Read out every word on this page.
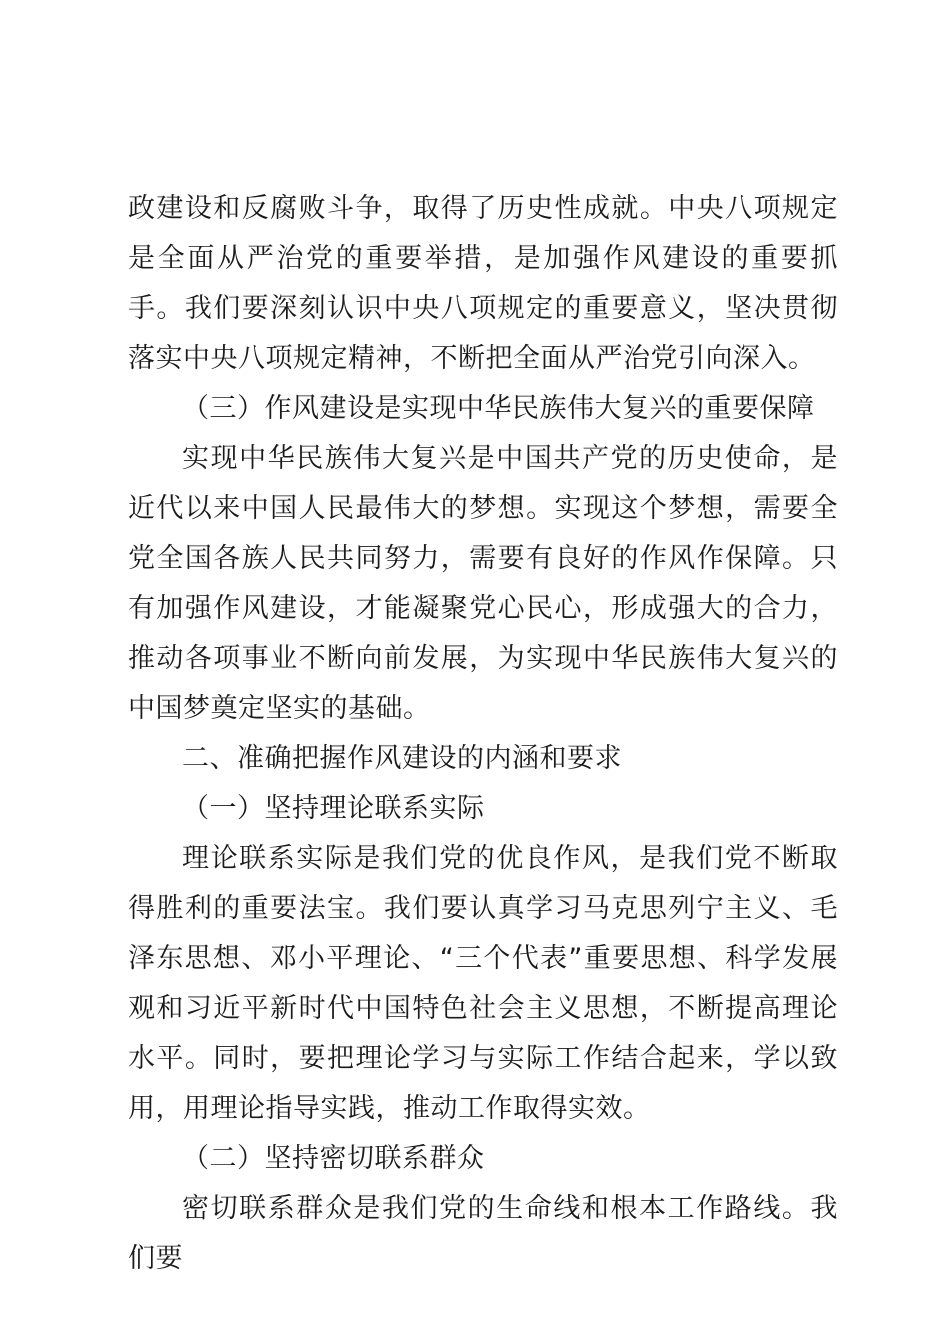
政建设和反腐败斗争，取得了历史性成就。中央八项规定是全面从严治党的重要举措，是加强作风建设的重要抓手。我们要深刻认识中央八项规定的重要意义，坚决贯彻落实中央八项规定精神，不断把全面从严治党引向深入。

（三）作风建设是实现中华民族伟大复兴的重要保障

实现中华民族伟大复兴是中国共产党的历史使命，是近代以来中国人民最伟大的梦想。实现这个梦想，需要全党全国各族人民共同努力，需要有良好的作风作保障。只有加强作风建设，才能凝聚党心民心，形成强大的合力，推动各项事业不断向前发展，为实现中华民族伟大复兴的中国梦奠定坚实的基础。

二、准确把握作风建设的内涵和要求

（一）坚持理论联系实际

理论联系实际是我们党的优良作风，是我们党不断取得胜利的重要法宝。我们要认真学习马克思列宁主义、毛泽东思想、邓小平理论、“三个代表”重要思想、科学发展观和习近平新时代中国特色社会主义思想，不断提高理论水平。同时，要把理论学习与实际工作结合起来，学以致用，用理论指导实践，推动工作取得实效。

（二）坚持密切联系群众

密切联系群众是我们党的生命线和根本工作路线。我们要
